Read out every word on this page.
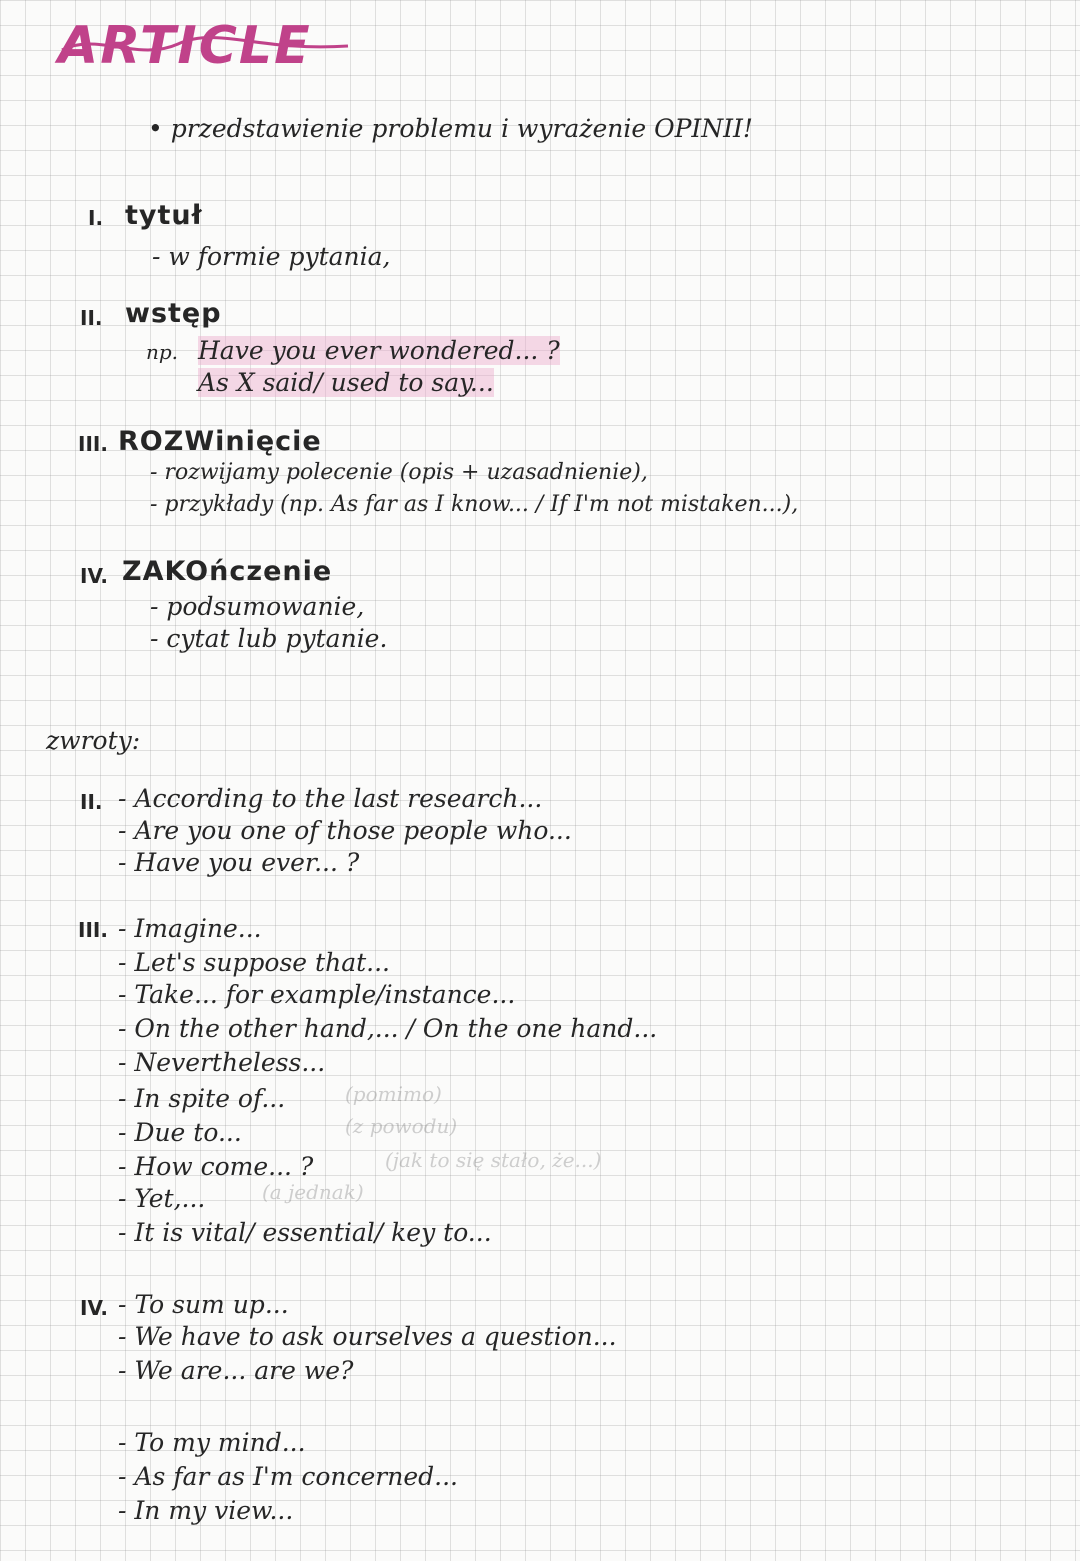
ARTICLE
• przedstawienie problemu i wyrażenie OPINII!
I. tytuł
- w formie pytania,
II. wstęp
np. Have you ever wondered... ?
As X said/ used to say...
III. ROZWinięcie
- rozwijamy polecenie (opis + uzasadnienie),
- przykłady (np. As far as I know... / If I'm not mistaken...),
IV. ZAKOńczenie
- podsumowanie,
- cytat lub pytanie.
zwroty:
II. - According to the last research...
- Are you one of those people who...
- Have you ever... ?
III. - Imagine...
- Let's suppose that...
- Take... for example/instance...
- On the other hand,... / On the one hand...
- Nevertheless...
- In spite of...
- Due to...
- How come... ?
- Yet,...
- It is vital/ essential/ key to...
(pomimo)
(z powodu)
(jak to się stało, że...)
(a jednak)
IV. - To sum up...
- We have to ask ourselves a question...
- We are... are we?
- To my mind...
- As far as I'm concerned...
- In my view...
